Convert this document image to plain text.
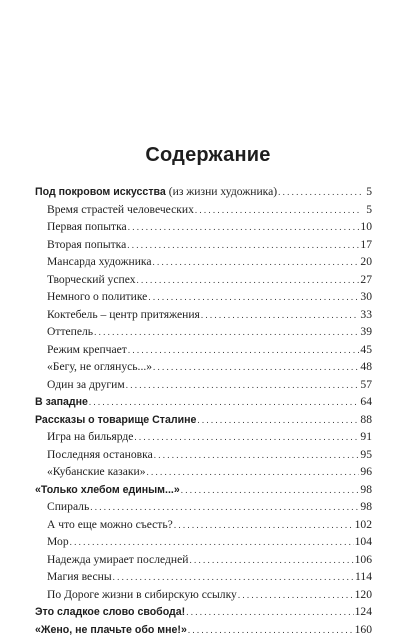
Содержание
Под покровом искусства (из жизни художника) . . .	5
Время страстей человеческих . . .	5
Первая попытка . . .	10
Вторая попытка . . .	17
Мансарда художника . . .	20
Творческий успех . . .	27
Немного о политике . . .	30
Коктебель – центр притяжения . . .	33
Оттепель . . .	39
Режим крепчает . . .	45
«Бегу, не оглянусь...» . . .	48
Один за другим . . .	57
В западне . . .	64
Рассказы о товарище Сталине . . .	88
Игра на бильярде . . .	91
Последняя остановка . . .	95
«Кубанские казаки» . . .	96
«Только хлебом единым...» . . .	98
Спираль . . .	98
А что еще можно съесть? . . .	102
Мор . . .	104
Надежда умирает последней . . .	106
Магия весны . . .	114
По Дороге жизни в сибирскую ссылку . . .	120
Это сладкое слово свобода! . . .	124
«Жено, не плачьте обо мне!» . . .	160
